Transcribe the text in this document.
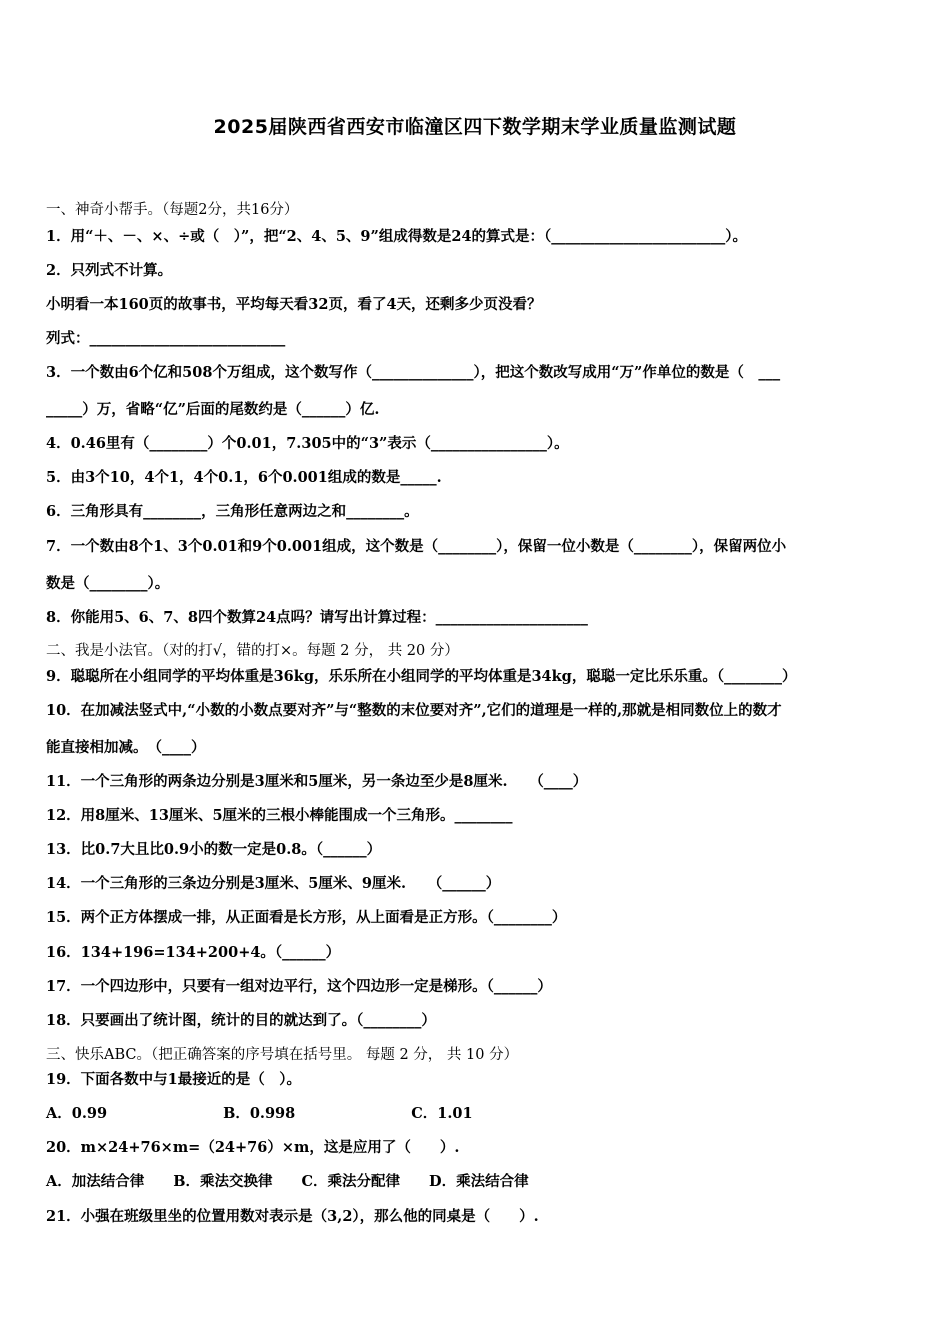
2025届陕西省西安市临潼区四下数学期末学业质量监测试题
一、神奇小帮手。（每题2分，共16分）
1．用“＋、－、×、÷或（　）”，把“2、4、5、9”组成得数是24的算式是：（________________________）。
2．只列式不计算。
小明看一本160页的故事书，平均每天看32页，看了4天，还剩多少页没看？
列式：___________________________
3．一个数由6个亿和508个万组成，这个数写作（______________），把这个数改写成用“万”作单位的数是（　___
_____）万，省略“亿”后面的尾数约是（______）亿.
4．0.46里有（________）个0.01，7.305中的“3”表示（________________）。
5．由3个10，4个1，4个0.1，6个0.001组成的数是_____.
6．三角形具有________，三角形任意两边之和________。
7．一个数由8个1、3个0.01和9个0.001组成，这个数是（________），保留一位小数是（________），保留两位小
数是（________）。
8．你能用5、6、7、8四个数算24点吗？请写出计算过程：_____________________
二、我是小法官。（对的打√，错的打×。每题 2 分， 共 20 分）
9．聪聪所在小组同学的平均体重是36kg，乐乐所在小组同学的平均体重是34kg，聪聪一定比乐乐重。（________）
10．在加减法竖式中,“小数的小数点要对齐”与“整数的末位要对齐”,它们的道理是一样的,那就是相同数位上的数才
能直接相加减。　（____）
11．一个三角形的两条边分别是3厘米和5厘米，另一条边至少是8厘米.　　（____）
12．用8厘米、13厘米、5厘米的三根小棒能围成一个三角形。________
13．比0.7大且比0.9小的数一定是0.8。（______）
14．一个三角形的三条边分别是3厘米、5厘米、9厘米.　　（______）
15．两个正方体摆成一排，从正面看是长方形，从上面看是正方形。（________）
16．134+196=134+200+4。（______）
17．一个四边形中，只要有一组对边平行，这个四边形一定是梯形。（______）
18．只要画出了统计图，统计的目的就达到了。（________）
三、快乐ABC。（把正确答案的序号填在括号里。 每题 2 分， 共 10 分）
19．下面各数中与1最接近的是（　）。
A．0.99　　　　　　　　B．0.998　　　　　　　　C．1.01
20．m×24+76×m=（24+76）×m，这是应用了（　　）.
A．加法结合律　　B．乘法交换律　　C．乘法分配律　　D．乘法结合律
21．小强在班级里坐的位置用数对表示是（3,2），那么他的同桌是（　　）.
